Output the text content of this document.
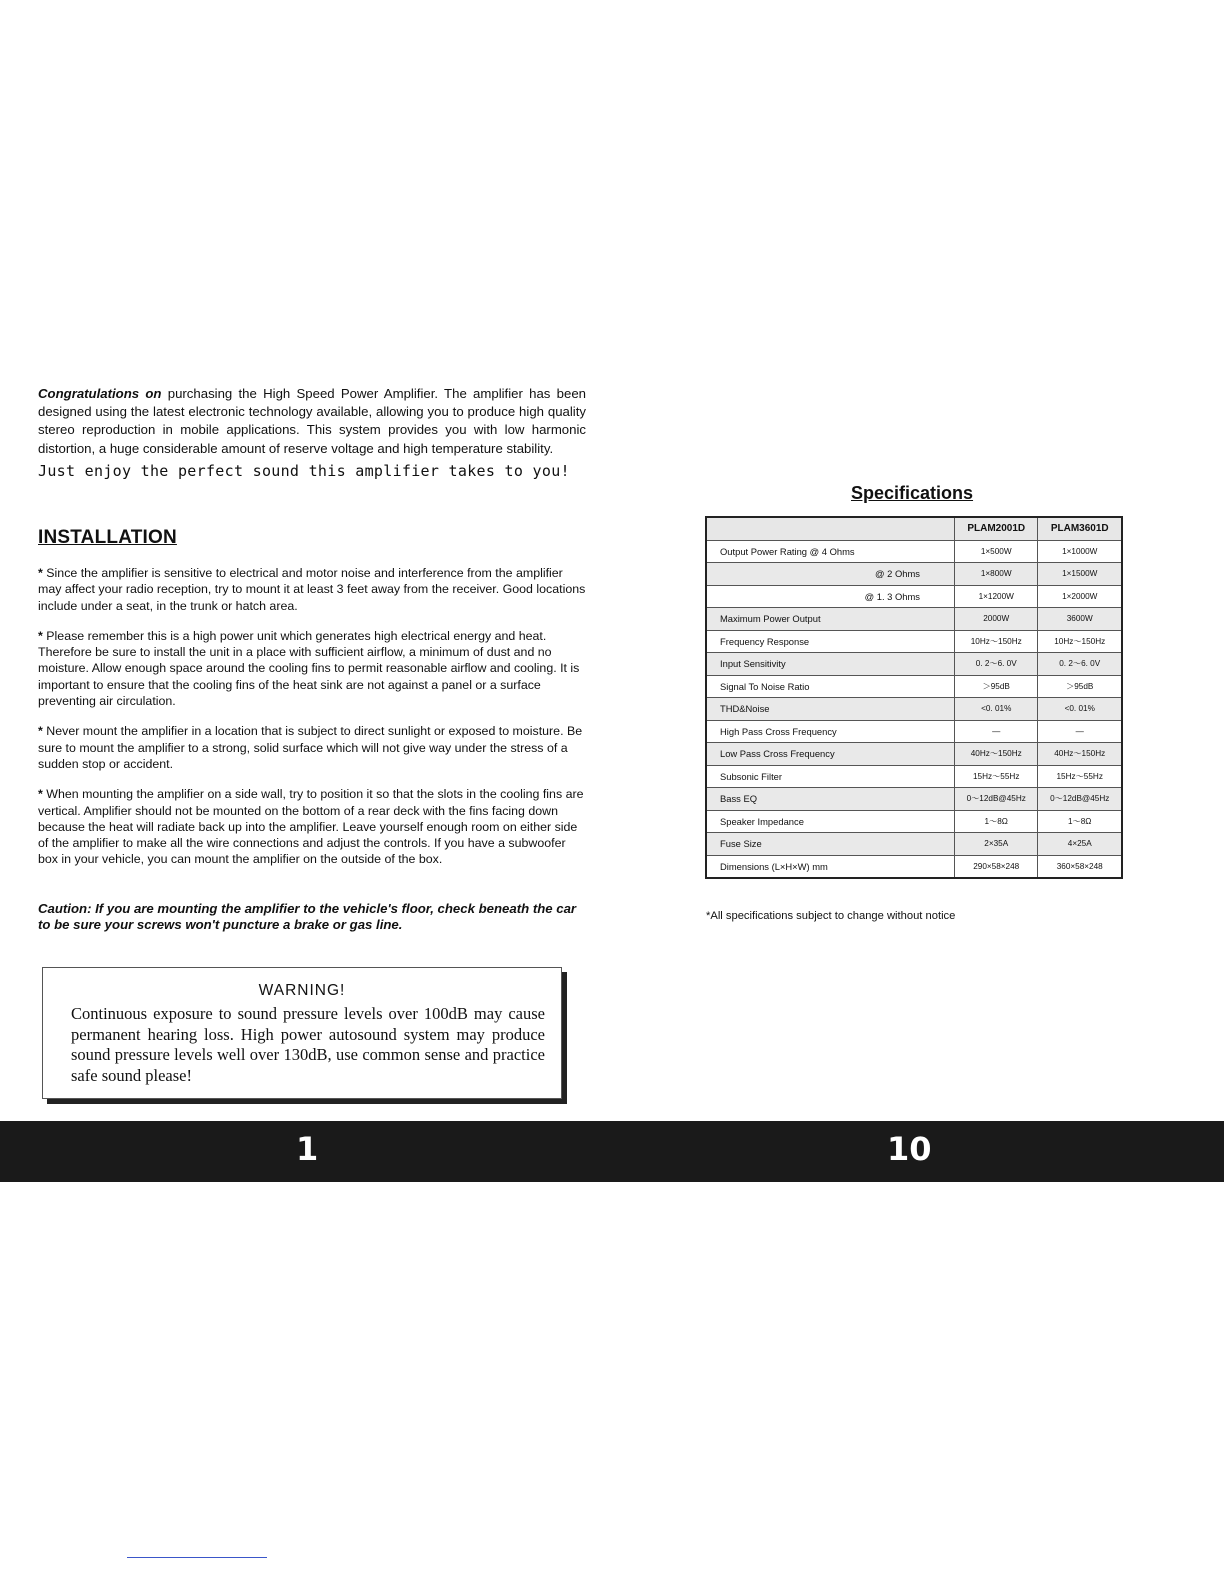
Congratulations on purchasing the High Speed Power Amplifier. The amplifier has been designed using the latest electronic technology available, allowing you to produce high quality stereo reproduction in mobile applications. This system provides you with low harmonic distortion, a huge considerable amount of reserve voltage and high temperature stability.

Just enjoy the perfect sound this amplifier takes to you!

INSTALLATION

* Since the amplifier is sensitive to electrical and motor noise and interference from the amplifier may affect your radio reception, try to mount it at least 3 feet away from the receiver. Good locations include under a seat, in the trunk or hatch area.

* Please remember this is a high power unit which generates high electrical energy and heat. Therefore be sure to install the unit in a place with sufficient airflow, a minimum of dust and no moisture. Allow enough space around the cooling fins to permit reasonable airflow and cooling. It is important to ensure that the cooling fins of the heat sink are not against a panel or a surface preventing air circulation.

* Never mount the amplifier in a location that is subject to direct sunlight or exposed to moisture. Be sure to mount the amplifier to a strong, solid surface which will not give way under the stress of a sudden stop or accident.

* When mounting the amplifier on a side wall, try to position it so that the slots in the cooling fins are vertical. Amplifier should not be mounted on the bottom of a rear deck with the fins facing down because the heat will radiate back up into the amplifier. Leave yourself enough room on either side of the amplifier to make all the wire connections and adjust the controls. If you have a subwoofer box in your vehicle, you can mount the amplifier on the outside of the box.

Caution: If you are mounting the amplifier to the vehicle's floor, check beneath the car to be sure your screws won't puncture a brake or gas line.

WARNING!

Continuous exposure to sound pressure levels over 100dB may cause permanent hearing loss. High power autosound system may produce sound pressure levels well over 130dB, use common sense and practice safe sound please!

Specifications
	PLAM2001D	PLAM3601D
Output Power Rating @ 4 Ohms	1×500W	1×1000W
@ 2 Ohms	1×800W	1×1500W
@ 1. 3 Ohms	1×1200W	1×2000W
Maximum Power Output	2000W	3600W
Frequency Response	10Hz～150Hz	10Hz～150Hz
Input Sensitivity	0. 2～6. 0V	0. 2～6. 0V
Signal To Noise Ratio	＞95dB	＞95dB
THD&Noise	<0. 01%	<0. 01%
High Pass Cross Frequency	—	—
Low Pass Cross Frequency	40Hz～150Hz	40Hz～150Hz
Subsonic Filter	15Hz～55Hz	15Hz～55Hz
Bass EQ	0～12dB@45Hz	0～12dB@45Hz
Speaker Impedance	1～8Ω	1～8Ω
Fuse Size	2×35A	4×25A
Dimensions (L×H×W) mm	290×58×248	360×58×248

*All specifications subject to change without notice

1	10
